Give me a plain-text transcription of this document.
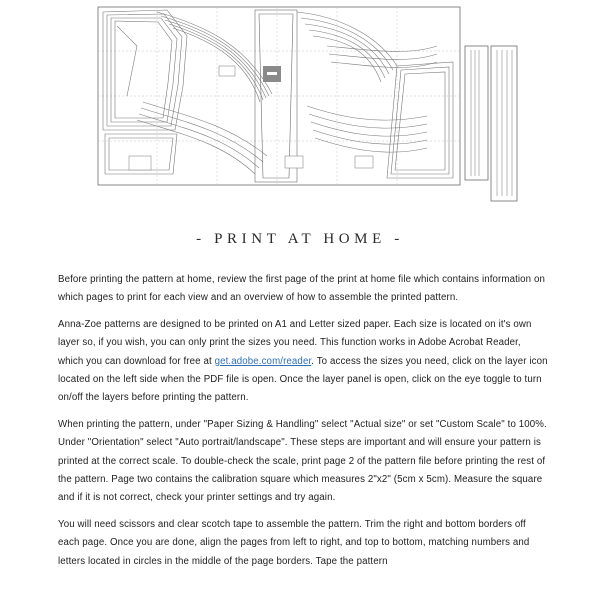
- PRINT AT HOME -

Before printing the pattern at home, review the first page of the print at home file which contains information on which pages to print for each view and an overview of how to assemble the printed pattern.

Anna-Zoe patterns are designed to be printed on A1 and Letter sized paper. Each size is located on it's own layer so, if you wish, you can only print the sizes you need. This function works in Adobe Acrobat Reader, which you can download for free at get.adobe.com/reader. To access the sizes you need, click on the layer icon located on the left side when the PDF file is open. Once the layer panel is open, click on the eye toggle to turn on/off the layers before printing the pattern.

When printing the pattern, under "Paper Sizing & Handling" select "Actual size" or set "Custom Scale" to 100%. Under "Orientation" select "Auto portrait/landscape". These steps are important and will ensure your pattern is printed at the correct scale. To double-check the scale, print page 2 of the pattern file before printing the rest of the pattern. Page two contains the calibration square which measures 2"x2" (5cm x 5cm). Measure the square and if it is not correct, check your printer settings and try again.

You will need scissors and clear scotch tape to assemble the pattern. Trim the right and bottom borders off each page. Once you are done, align the pages from left to right, and top to bottom, matching numbers and letters located in circles in the middle of the page borders. Tape the pattern
